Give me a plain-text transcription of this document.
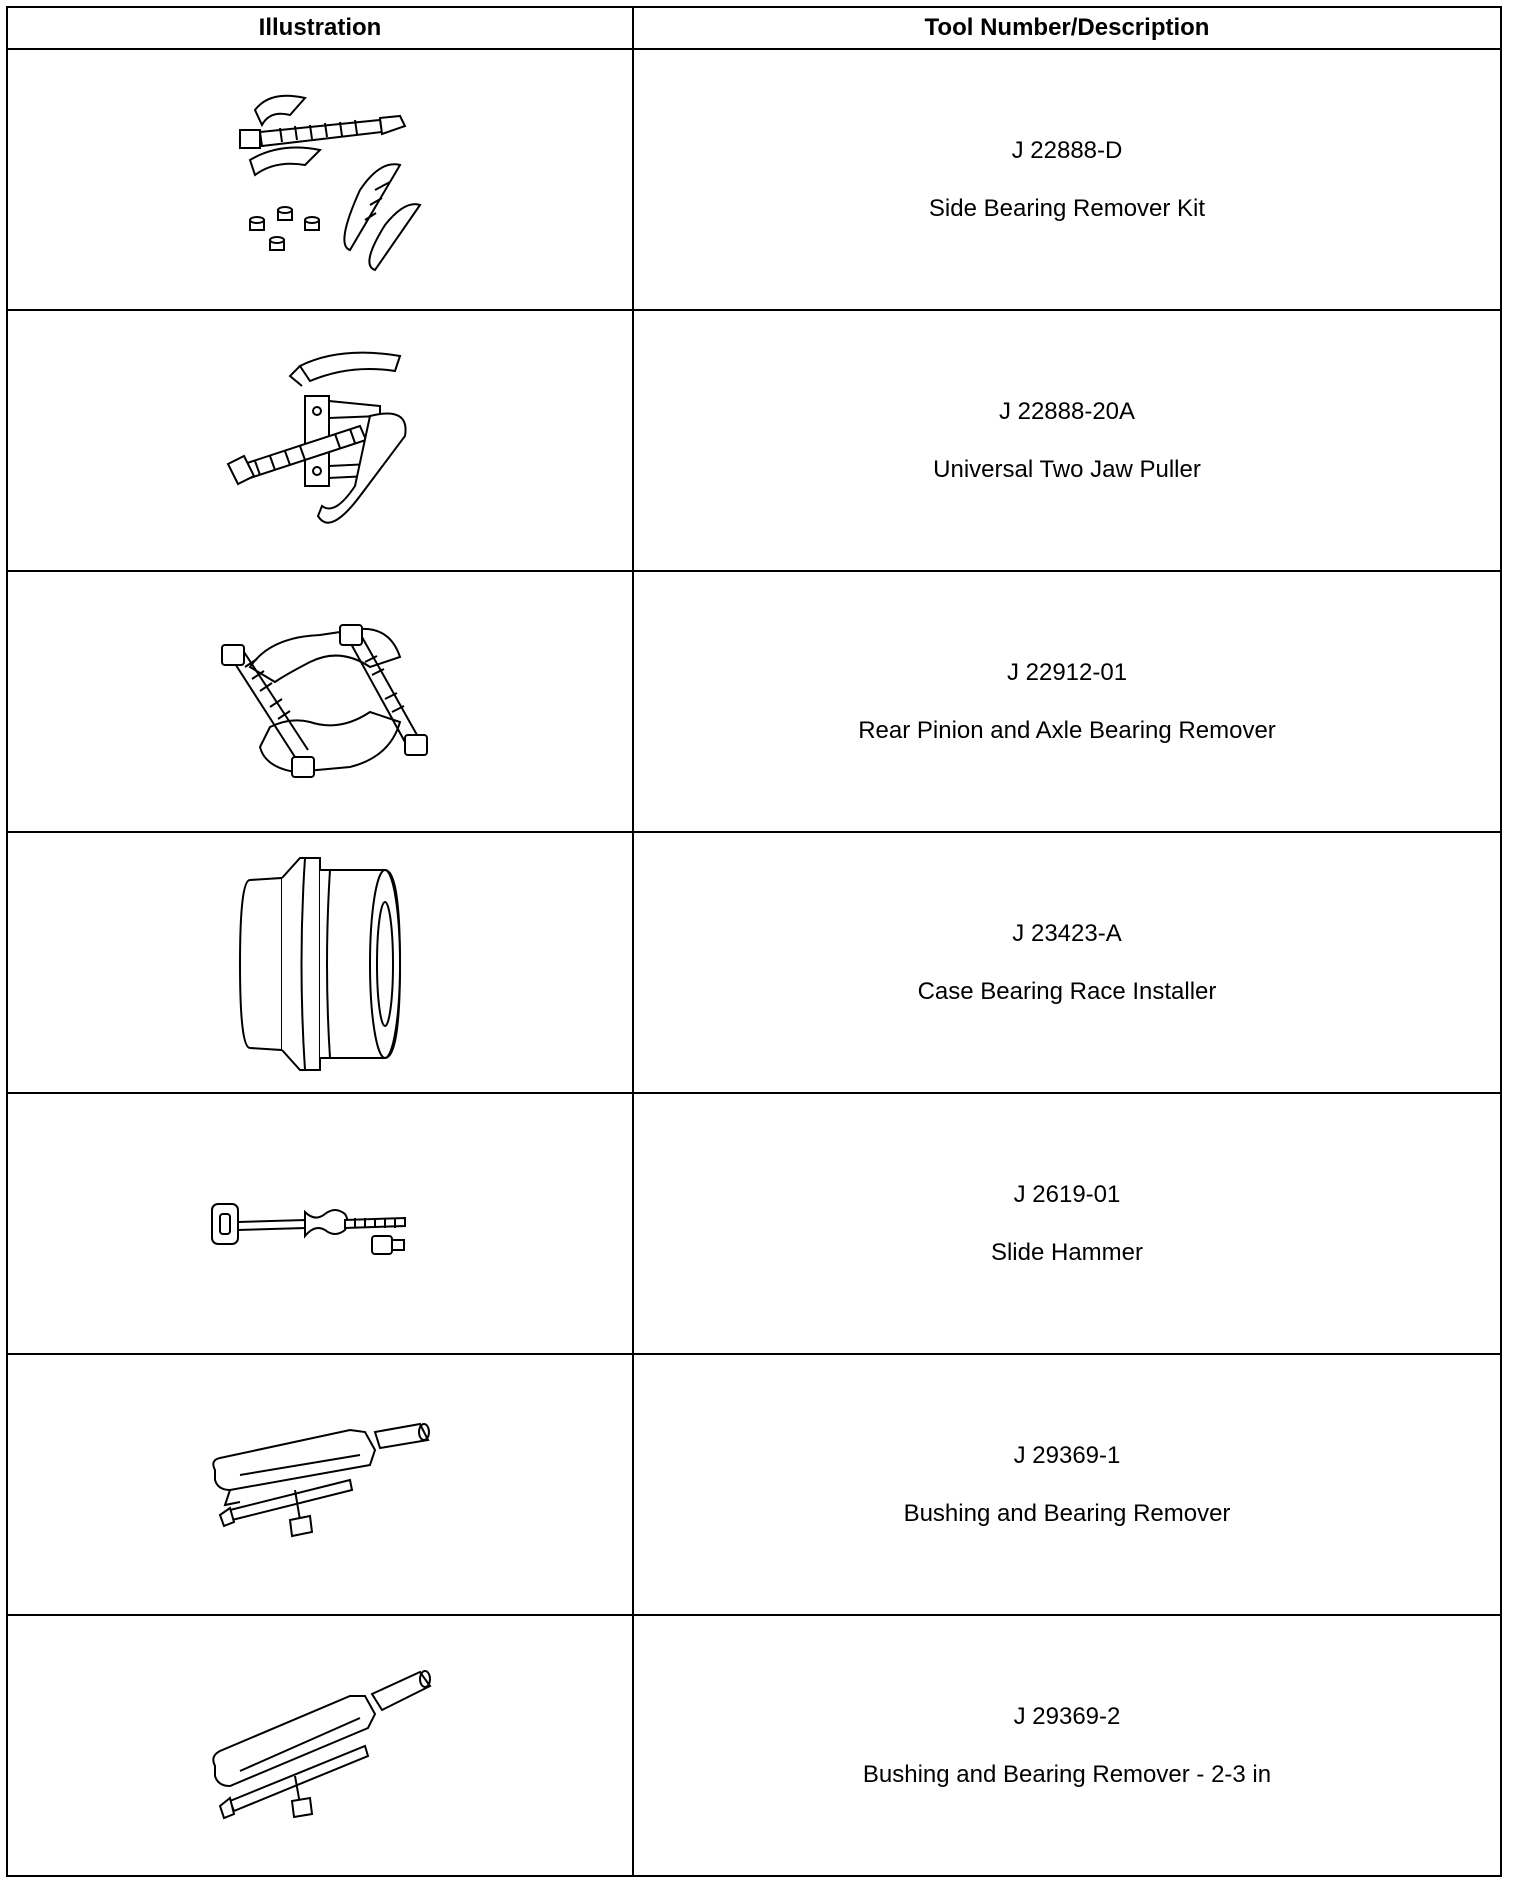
Illustration	Tool Number/Description

J 22888-D
Side Bearing Remover Kit

J 22888-20A
Universal Two Jaw Puller

J 22912-01
Rear Pinion and Axle Bearing Remover

J 23423-A
Case Bearing Race Installer

J 2619-01
Slide Hammer

J 29369-1
Bushing and Bearing Remover

J 29369-2
Bushing and Bearing Remover - 2-3 in
